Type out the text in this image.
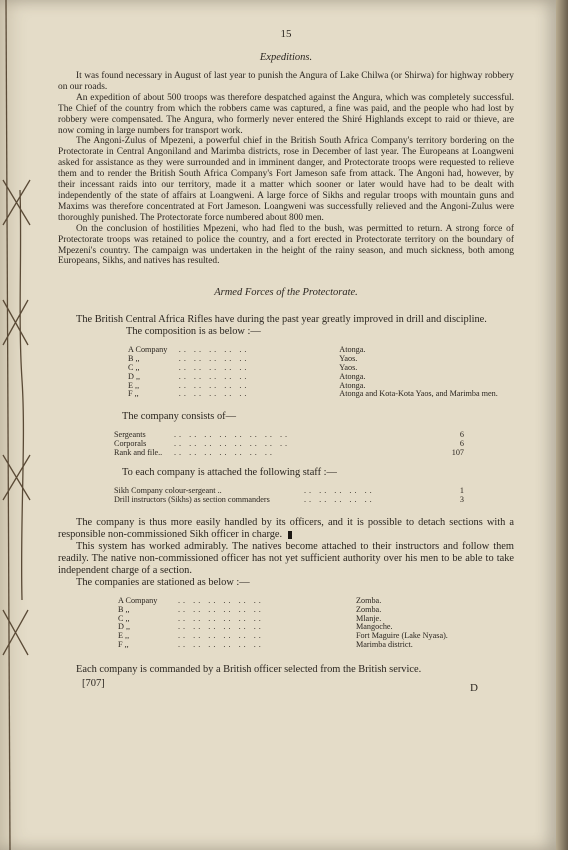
15
Expeditions.

It was found necessary in August of last year to punish the Angura of Lake Chilwa (or Shirwa) for highway robbery on our roads.

An expedition of about 500 troops was therefore despatched against the Angura, which was completely successful. The Chief of the country from which the robbers came was captured, a fine was paid, and the people who had lost by robbery were compensated. The Angura, who formerly never entered the Shiré Highlands except to raid or thieve, are now coming in large numbers for transport work.

The Angoni-Zulus of Mpezeni, a powerful chief in the British South Africa Company's territory bordering on the Protectorate in Central Angoniland and Marimba districts, rose in December of last year. The Europeans at Loangweni asked for assistance as they were surrounded and in imminent danger, and Protectorate troops were requested to relieve them and to render the British South Africa Company's Fort Jameson safe from attack. The Angoni had, however, by their incessant raids into our territory, made it a matter which sooner or later would have had to be dealt with independently of the state of affairs at Loangweni. A large force of Sikhs and regular troops with mountain guns and Maxims was therefore concentrated at Fort Jameson. Loangweni was successfully relieved and the Angoni-Zulus were thoroughly punished. The Protectorate force numbered about 800 men.

On the conclusion of hostilities Mpezeni, who had fled to the bush, was permitted to return. A strong force of Protectorate troops was retained to police the country, and a fort erected in Protectorate territory on the boundary of Mpezeni's country. The campaign was undertaken in the height of the rainy season, and much sickness, both among Europeans, Sikhs, and natives has resulted.

Armed Forces of the Protectorate.

The British Central Africa Rifles have during the past year greatly improved in drill and discipline.

The composition is as below :—

A Company	.. .. .. .. ..	Atonga.
B ,,	.. .. .. .. ..	Yaos.
C ,,	.. .. .. .. ..	Yaos.
D ,,	.. .. .. .. ..	Atonga.
E ,,	.. .. .. .. ..	Atonga.
F ,,	.. .. .. .. ..	Atonga and Kota-Kota Yaos, and Marimba men.

The company consists of—

Sergeants	.. .. .. .. .. .. .. ..	6
Corporals	.. .. .. .. .. .. .. ..	6
Rank and file..	.. .. .. .. .. .. ..	107

To each company is attached the following staff :—

Sikh Company colour-sergeant ..	.. .. .. .. ..	1
Drill instructors (Sikhs) as section commanders	.. .. .. .. ..	3

The company is thus more easily handled by its officers, and it is possible to detach sections with a responsible non-commissioned Sikh officer in charge.

This system has worked admirably. The natives become attached to their instructors and follow them readily. The native non-commissioned officer has not yet sufficient authority over his men to be able to take independent charge of a section.

The companies are stationed as below :—

A Company	.. .. .. .. .. ..	Zomba.
B ,,	.. .. .. .. .. ..	Zomba.
C ,,	.. .. .. .. .. ..	Mlanje.
D ,,	.. .. .. .. .. ..	Mangoche.
E ,,	.. .. .. .. .. ..	Fort Maguire (Lake Nyasa).
F ,,	.. .. .. .. .. ..	Marimba district.

Each company is commanded by a British officer selected from the British service.

[707]	D
